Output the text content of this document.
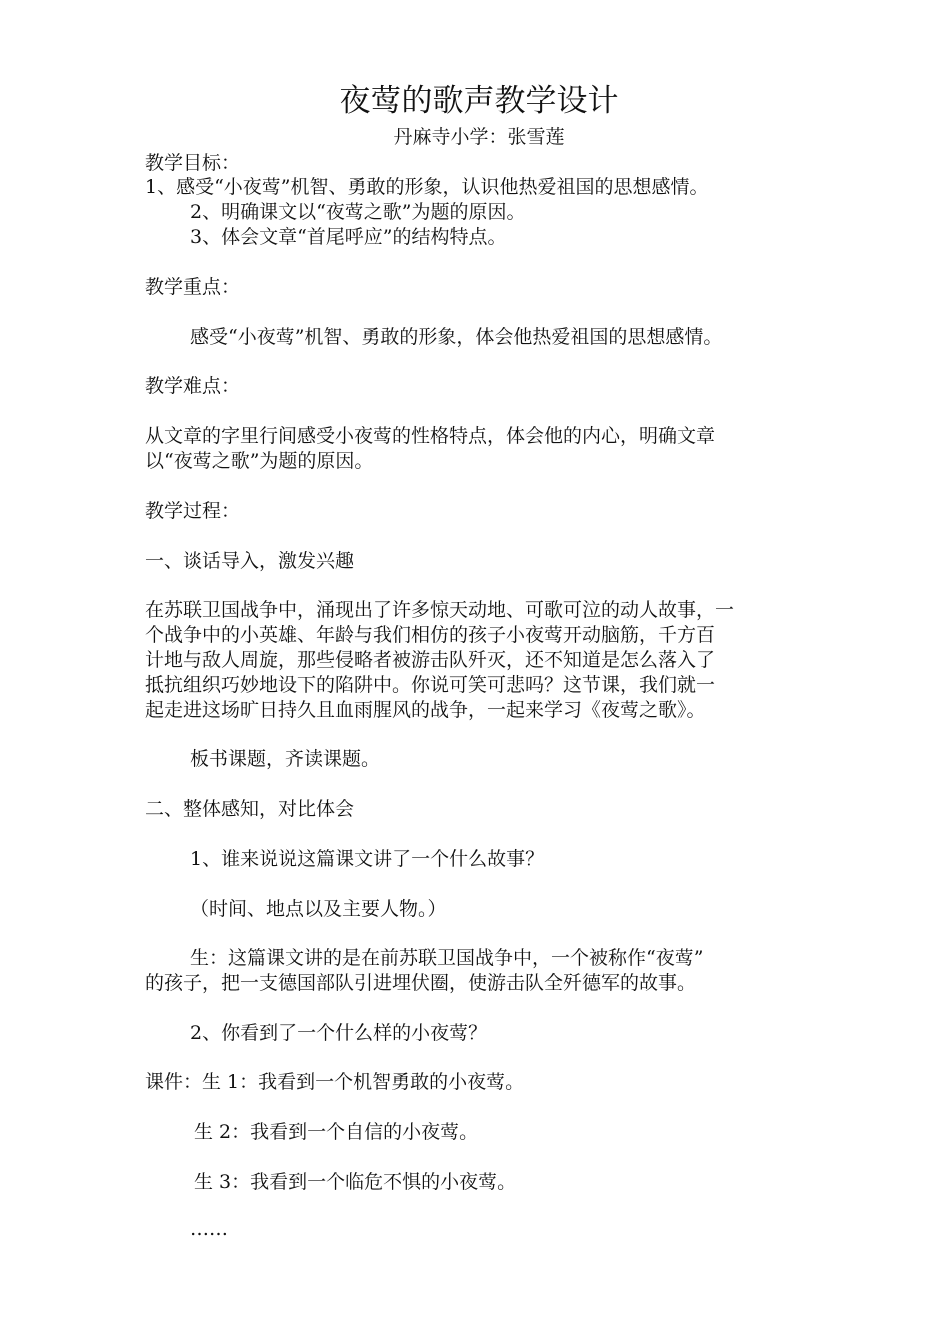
夜莺的歌声教学设计
丹麻寺小学：张雪莲
教学目标：
1、感受“小夜莺”机智、勇敢的形象，认识他热爱祖国的思想感情。
2、明确课文以“夜莺之歌”为题的原因。
3、体会文章“首尾呼应”的结构特点。
教学重点：
感受“小夜莺”机智、勇敢的形象，体会他热爱祖国的思想感情。
教学难点：
从文章的字里行间感受小夜莺的性格特点，体会他的内心，明确文章
以“夜莺之歌”为题的原因。
教学过程：
一、谈话导入，激发兴趣
在苏联卫国战争中，涌现出了许多惊天动地、可歌可泣的动人故事，一
个战争中的小英雄、年龄与我们相仿的孩子小夜莺开动脑筋，千方百
计地与敌人周旋，那些侵略者被游击队歼灭，还不知道是怎么落入了
抵抗组织巧妙地设下的陷阱中。你说可笑可悲吗？这节课，我们就一
起走进这场旷日持久且血雨腥风的战争，一起来学习《夜莺之歌》。
板书课题，齐读课题。
二、整体感知，对比体会
1、谁来说说这篇课文讲了一个什么故事？
（时间、地点以及主要人物。）
生：这篇课文讲的是在前苏联卫国战争中，一个被称作“夜莺”
的孩子，把一支德国部队引进埋伏圈，使游击队全歼德军的故事。
2、你看到了一个什么样的小夜莺？
课件：生 1：我看到一个机智勇敢的小夜莺。
生 2：我看到一个自信的小夜莺。
生 3：我看到一个临危不惧的小夜莺。
……
